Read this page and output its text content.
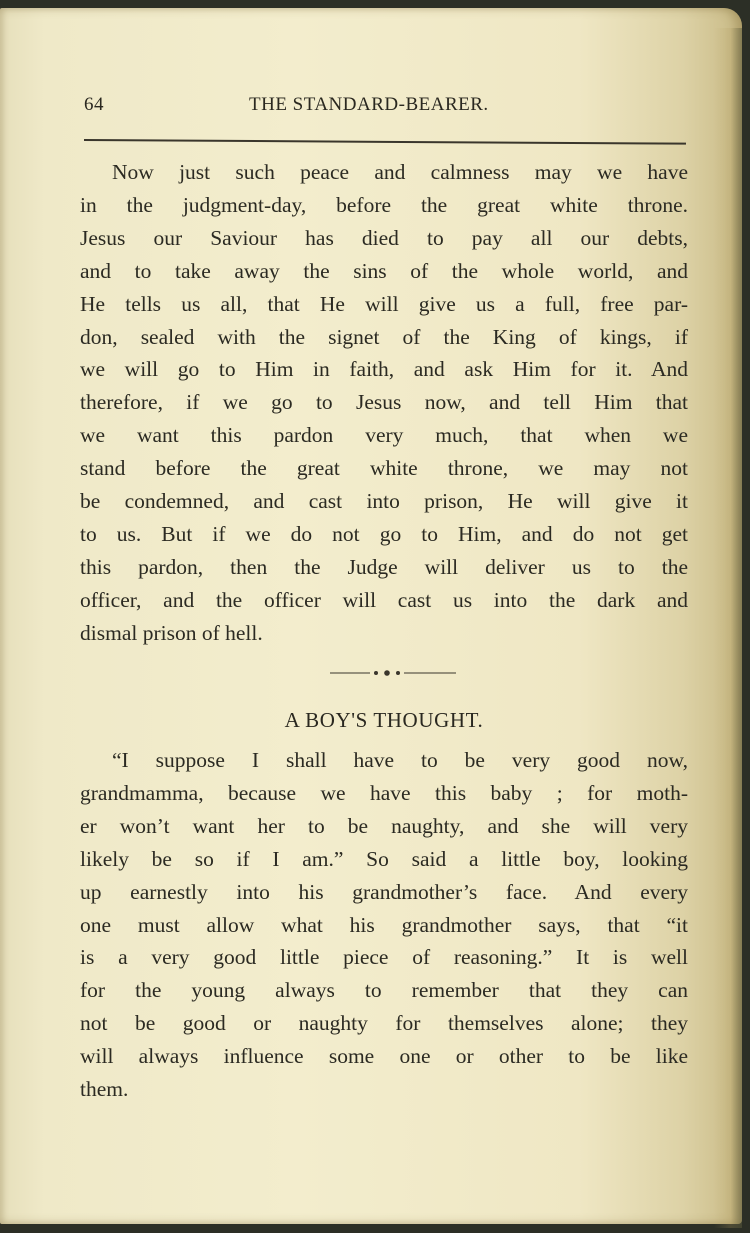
64	THE STANDARD-BEARER.
Now just such peace and calmness may we have
in the judgment-day, before the great white throne.
Jesus our Saviour has died to pay all our debts,
and to take away the sins of the whole world, and
He tells us all, that He will give us a full, free par-
don, sealed with the signet of the King of kings, if
we will go to Him in faith, and ask Him for it. And
therefore, if we go to Jesus now, and tell Him that
we want this pardon very much, that when we
stand before the great white throne, we may not
be condemned, and cast into prison, He will give it
to us. But if we do not go to Him, and do not get
this pardon, then the Judge will deliver us to the
officer, and the officer will cast us into the dark and
dismal prison of hell.
A BOY'S THOUGHT.
“I suppose I shall have to be very good now,
grandmamma, because we have this baby ; for moth-
er won’t want her to be naughty, and she will very
likely be so if I am.” So said a little boy, looking
up earnestly into his grandmother’s face. And every
one must allow what his grandmother says, that “it
is a very good little piece of reasoning.” It is well
for the young always to remember that they can
not be good or naughty for themselves alone; they
will always influence some one or other to be like
them.
